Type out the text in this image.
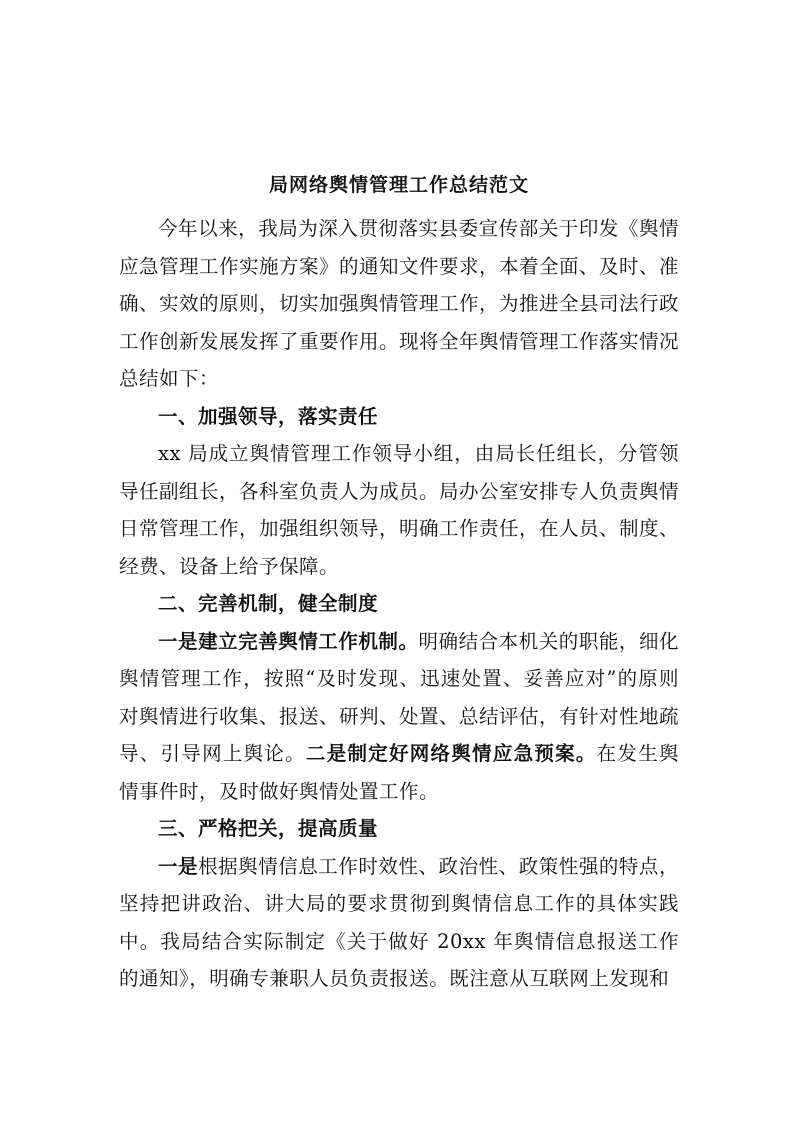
局网络舆情管理工作总结范文

今年以来，我局为深入贯彻落实县委宣传部关于印发《舆情应急管理工作实施方案》的通知文件要求，本着全面、及时、准确、实效的原则，切实加强舆情管理工作，为推进全县司法行政工作创新发展发挥了重要作用。现将全年舆情管理工作落实情况总结如下：

一、加强领导，落实责任

xx 局成立舆情管理工作领导小组，由局长任组长，分管领导任副组长，各科室负责人为成员。局办公室安排专人负责舆情日常管理工作，加强组织领导，明确工作责任，在人员、制度、经费、设备上给予保障。

二、完善机制，健全制度

一是建立完善舆情工作机制。明确结合本机关的职能，细化舆情管理工作，按照“及时发现、迅速处置、妥善应对”的原则对舆情进行收集、报送、研判、处置、总结评估，有针对性地疏导、引导网上舆论。二是制定好网络舆情应急预案。在发生舆情事件时，及时做好舆情处置工作。

三、严格把关，提高质量

一是根据舆情信息工作时效性、政治性、政策性强的特点，坚持把讲政治、讲大局的要求贯彻到舆情信息工作的具体实践中。我局结合实际制定《关于做好 20xx 年舆情信息报送工作的通知》，明确专兼职人员负责报送。既注意从互联网上发现和
